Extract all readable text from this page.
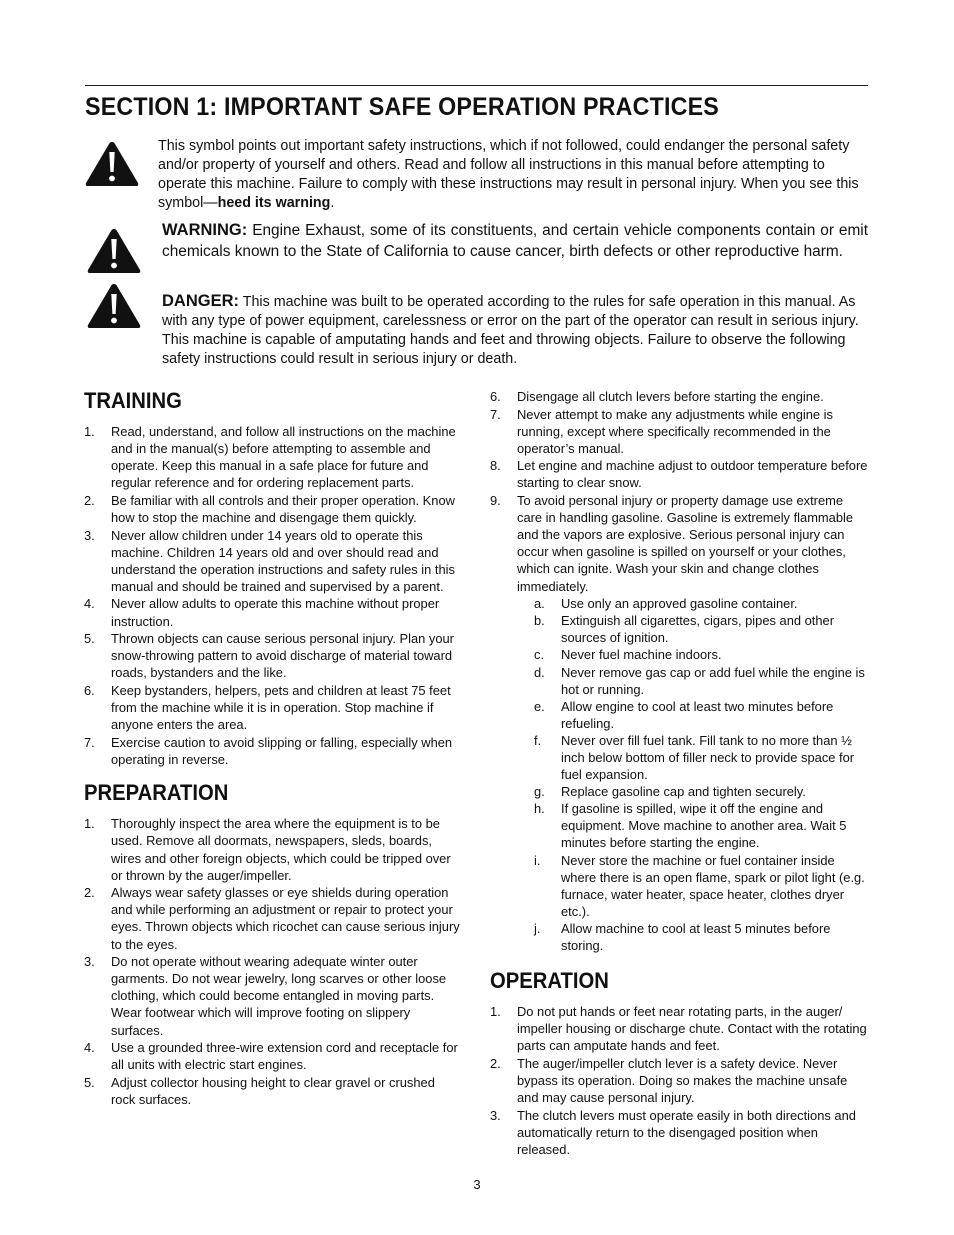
SECTION 1: IMPORTANT SAFE OPERATION PRACTICES
This symbol points out important safety instructions, which if not followed, could endanger the personal safety and/or property of yourself and others. Read and follow all instructions in this manual before attempting to operate this machine. Failure to comply with these instructions may result in personal injury. When you see this symbol—heed its warning.
WARNING: Engine Exhaust, some of its constituents, and certain vehicle components contain or emit chemicals known to the State of California to cause cancer, birth defects or other reproductive harm.
DANGER: This machine was built to be operated according to the rules for safe operation in this manual. As with any type of power equipment, carelessness or error on the part of the operator can result in serious injury. This machine is capable of amputating hands and feet and throwing objects. Failure to observe the following safety instructions could result in serious injury or death.
TRAINING
1. Read, understand, and follow all instructions on the machine and in the manual(s) before attempting to assemble and operate. Keep this manual in a safe place for future and regular reference and for ordering replacement parts.
2. Be familiar with all controls and their proper operation. Know how to stop the machine and disengage them quickly.
3. Never allow children under 14 years old to operate this machine. Children 14 years old and over should read and understand the operation instructions and safety rules in this manual and should be trained and supervised by a parent.
4. Never allow adults to operate this machine without proper instruction.
5. Thrown objects can cause serious personal injury. Plan your snow-throwing pattern to avoid discharge of material toward roads, bystanders and the like.
6. Keep bystanders, helpers, pets and children at least 75 feet from the machine while it is in operation. Stop machine if anyone enters the area.
7. Exercise caution to avoid slipping or falling, especially when operating in reverse.
PREPARATION
1. Thoroughly inspect the area where the equipment is to be used. Remove all doormats, newspapers, sleds, boards, wires and other foreign objects, which could be tripped over or thrown by the auger/impeller.
2. Always wear safety glasses or eye shields during operation and while performing an adjustment or repair to protect your eyes. Thrown objects which ricochet can cause serious injury to the eyes.
3. Do not operate without wearing adequate winter outer garments. Do not wear jewelry, long scarves or other loose clothing, which could become entangled in moving parts. Wear footwear which will improve footing on slippery surfaces.
4. Use a grounded three-wire extension cord and receptacle for all units with electric start engines.
5. Adjust collector housing height to clear gravel or crushed rock surfaces.
6. Disengage all clutch levers before starting the engine.
7. Never attempt to make any adjustments while engine is running, except where specifically recommended in the operator’s manual.
8. Let engine and machine adjust to outdoor temperature before starting to clear snow.
9. To avoid personal injury or property damage use extreme care in handling gasoline. Gasoline is extremely flammable and the vapors are explosive. Serious personal injury can occur when gasoline is spilled on yourself or your clothes, which can ignite. Wash your skin and change clothes immediately.
a. Use only an approved gasoline container.
b. Extinguish all cigarettes, cigars, pipes and other sources of ignition.
c. Never fuel machine indoors.
d. Never remove gas cap or add fuel while the engine is hot or running.
e. Allow engine to cool at least two minutes before refueling.
f. Never over fill fuel tank. Fill tank to no more than ½ inch below bottom of filler neck to provide space for fuel expansion.
g. Replace gasoline cap and tighten securely.
h. If gasoline is spilled, wipe it off the engine and equipment. Move machine to another area. Wait 5 minutes before starting the engine.
i. Never store the machine or fuel container inside where there is an open flame, spark or pilot light (e.g. furnace, water heater, space heater, clothes dryer etc.).
j. Allow machine to cool at least 5 minutes before storing.
OPERATION
1. Do not put hands or feet near rotating parts, in the auger/ impeller housing or discharge chute. Contact with the rotating parts can amputate hands and feet.
2. The auger/impeller clutch lever is a safety device. Never bypass its operation. Doing so makes the machine unsafe and may cause personal injury.
3. The clutch levers must operate easily in both directions and automatically return to the disengaged position when released.
3
